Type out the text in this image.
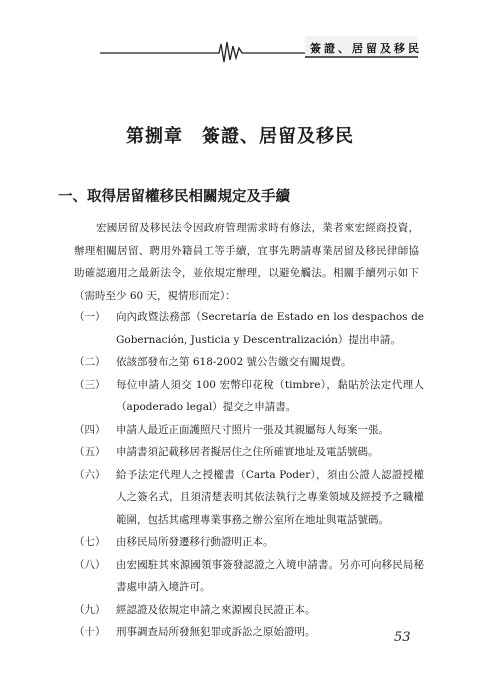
簽證、居留及移民
第捌章　簽證、居留及移民
一、取得居留權移民相關規定及手續

宏國居留及移民法令因政府管理需求時有修法，業者來宏經商投資，辦理相關居留、聘用外籍員工等手續，宜事先聘請專業居留及移民律師協助確認適用之最新法令，並依規定辦理，以避免觸法。相關手續列示如下（需時至少 60 天，視情形而定）：

（一） 向內政暨法務部（Secretaría de Estado en los despachos de Gobernación, Justicia y Descentralización）提出申請。
（二） 依該部發布之第 618-2002 號公告繳交有關規費。
（三） 每位申請人須交 100 宏幣印花稅（timbre），黏貼於法定代理人（apoderado legal）提交之申請書。
（四） 申請人最近正面護照尺寸照片一張及其親屬每人每案一張。
（五） 申請書須記載移居者擬居住之住所確實地址及電話號碼。
（六） 給予法定代理人之授權書（Carta Poder），須由公證人認證授權人之簽名式，且須清楚表明其依法執行之專業領域及經授予之職權範圍，包括其處理專業事務之辦公室所在地址與電話號碼。
（七） 由移民局所發遷移行動證明正本。
（八） 由宏國駐其來源國領事簽發認證之入境申請書。另亦可向移民局秘書處申請入境許可。
（九） 經認證及依規定申請之來源國良民證正本。
（十） 刑事調查局所發無犯罪或訴訟之原始證明。	53
